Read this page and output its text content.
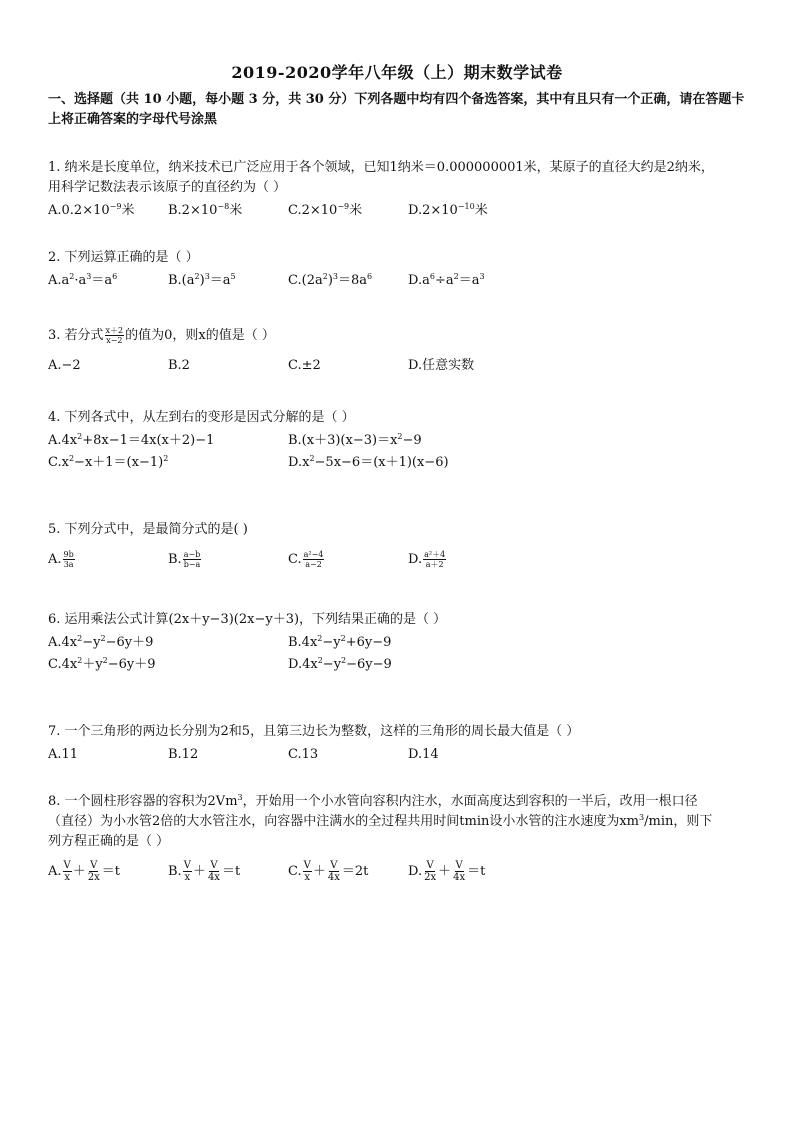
2019-2020学年八年级（上）期末数学试卷
一、选择题（共 10 小题，每小题 3 分，共 30 分）下列各题中均有四个备选答案，其中有且只有一个正确，请在答题卡上将正确答案的字母代号涂黑
1. 纳米是长度单位，纳米技术已广泛应用于各个领域，已知1纳米＝0.000000001米，某原子的直径大约是2纳米，
用科学记数法表示该原子的直径约为（ ）
$A.0.2\times 10^{-9}$米	$B.2\times 10^{-8}$米	$C.2\times 10^{-9}$米	$D.2\times 10^{-10}$米
2. 下列运算正确的是（ ）
$A.a^2\cdot a^3=a^6$	$B.(a^2)^3=a^5$	$C.(2a^2)^3=8a^6$	$D.a^6\div a^2=a^3$
3. 若分式 $\frac{x+2}{x-2}$ 的值为0，则x的值是（ ）
A.−2	B.2	C.±2	D.任意实数
4. 下列各式中，从左到右的变形是因式分解的是（ ）
$A.4x^2+8x-1=4x(x+2)-1$	$B.(x+3)(x-3)=x^2-9$
$C.x^2-x+1=(x-1)^2$	$D.x^2-5x-6=(x+1)(x-6)$
5. 下列分式中，是最简分式的是( )
A. $\frac{9b}{3a}$	B. $\frac{a-b}{b-a}$	C. $\frac{\text{a²−4}}{a-2}$	D. $\frac{\text{a²＋4}}{a+2}$
6. 运用乘法公式计算(2x＋y−3)(2x−y＋3)，下列结果正确的是（ ）
$A.4x^2-y^2-6y+9$	$B.4x^2-y^2+6y-9$
$C.4x^2+y^2-6y+9$	$D.4x^2-y^2-6y-9$
7. 一个三角形的两边长分别为2和5，且第三边长为整数，这样的三角形的周长最大值是（ ）
A.11	B.12	C.13	D.14
8. 一个圆柱形容器的容积为2Vm$^3$，开始用一个小水管向容积内注水，水面高度达到容积的一半后，改用一根口径
（直径）为小水管2倍的大水管注水，向容器中注满水的全过程共用时间tmin设小水管的注水速度为$xm^3/\min$，则下
列方程正确的是（ ）
A. $\frac{V}{x} + \frac{V}{2x} =t$	B. $\frac{V}{x} + \frac{V}{4x} =t$	C. $\frac{V}{x} + \frac{V}{4x} =2t$	D. $\frac{V}{2x} + \frac{V}{4x} =t$
